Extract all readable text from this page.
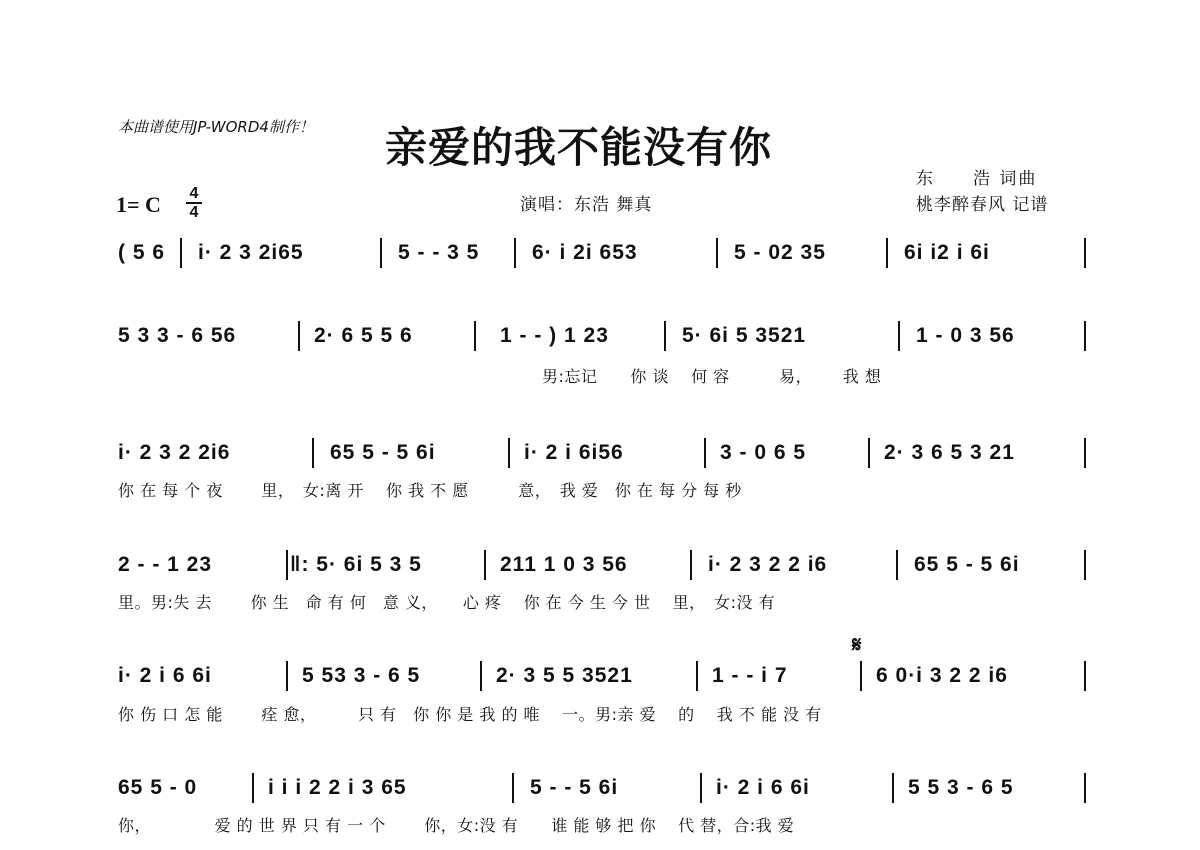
本曲谱使用JP-WORD4制作！ 亲爱的我不能没有你
东　　浩 词曲
桃李醉春风 记谱
演唱：东浩 舞真
1= C 4
4
( 5 6 i· 2 3 2i65	5 - - 3 5	6· i 2i 653	5 - 02 35	6i i2 i 6i
5 3 3 - 6 56	2· 6 5 5 6	1 - - ) 1 23	5· 6i 5 3521	1 - 0 3 56
男:忘记　　你 谈　 何 容　　　易，　　 我 想
i· 2 3 2 2i6	65 5 - 5 6i	i· 2 i 6i56	3 - 0 6 5	2· 3 6 5 3 21
你 在 每 个 夜　　 里，　女:离 开　 你 我 不 愿　　　意，　我 爱　你 在 每 分 每 秒
2 - - 1 23	‖: 5· 6i 5 3 5	211 1 0 3 56	i· 2 3 2 2 i6	65 5 - 5 6i
里。男:失 去　　 你 生　命 有 何　意 义，　　心 疼　 你 在 今 生 今 世　 里，　女:没 有
i· 2 i 6 6i	5 53 3 - 6 5	2· 3 5 5 3521	1 - - i 7
𝄋
6 0·i 3 2 2 i6
你 伤 口 怎 能　　 痊 愈，　　　只 有　你 你 是 我 的 唯　 一。男:亲 爱　 的　 我 不 能 没 有
65 5 - 0	i i i 2 2 i 3 65	5 - - 5 6i	i· 2 i 6 6i	5 5 3 - 6 5
你，　　　　 爱 的 世 界 只 有 一 个　　 你，女:没 有　　谁 能 够 把 你　 代 替，合:我 爱
